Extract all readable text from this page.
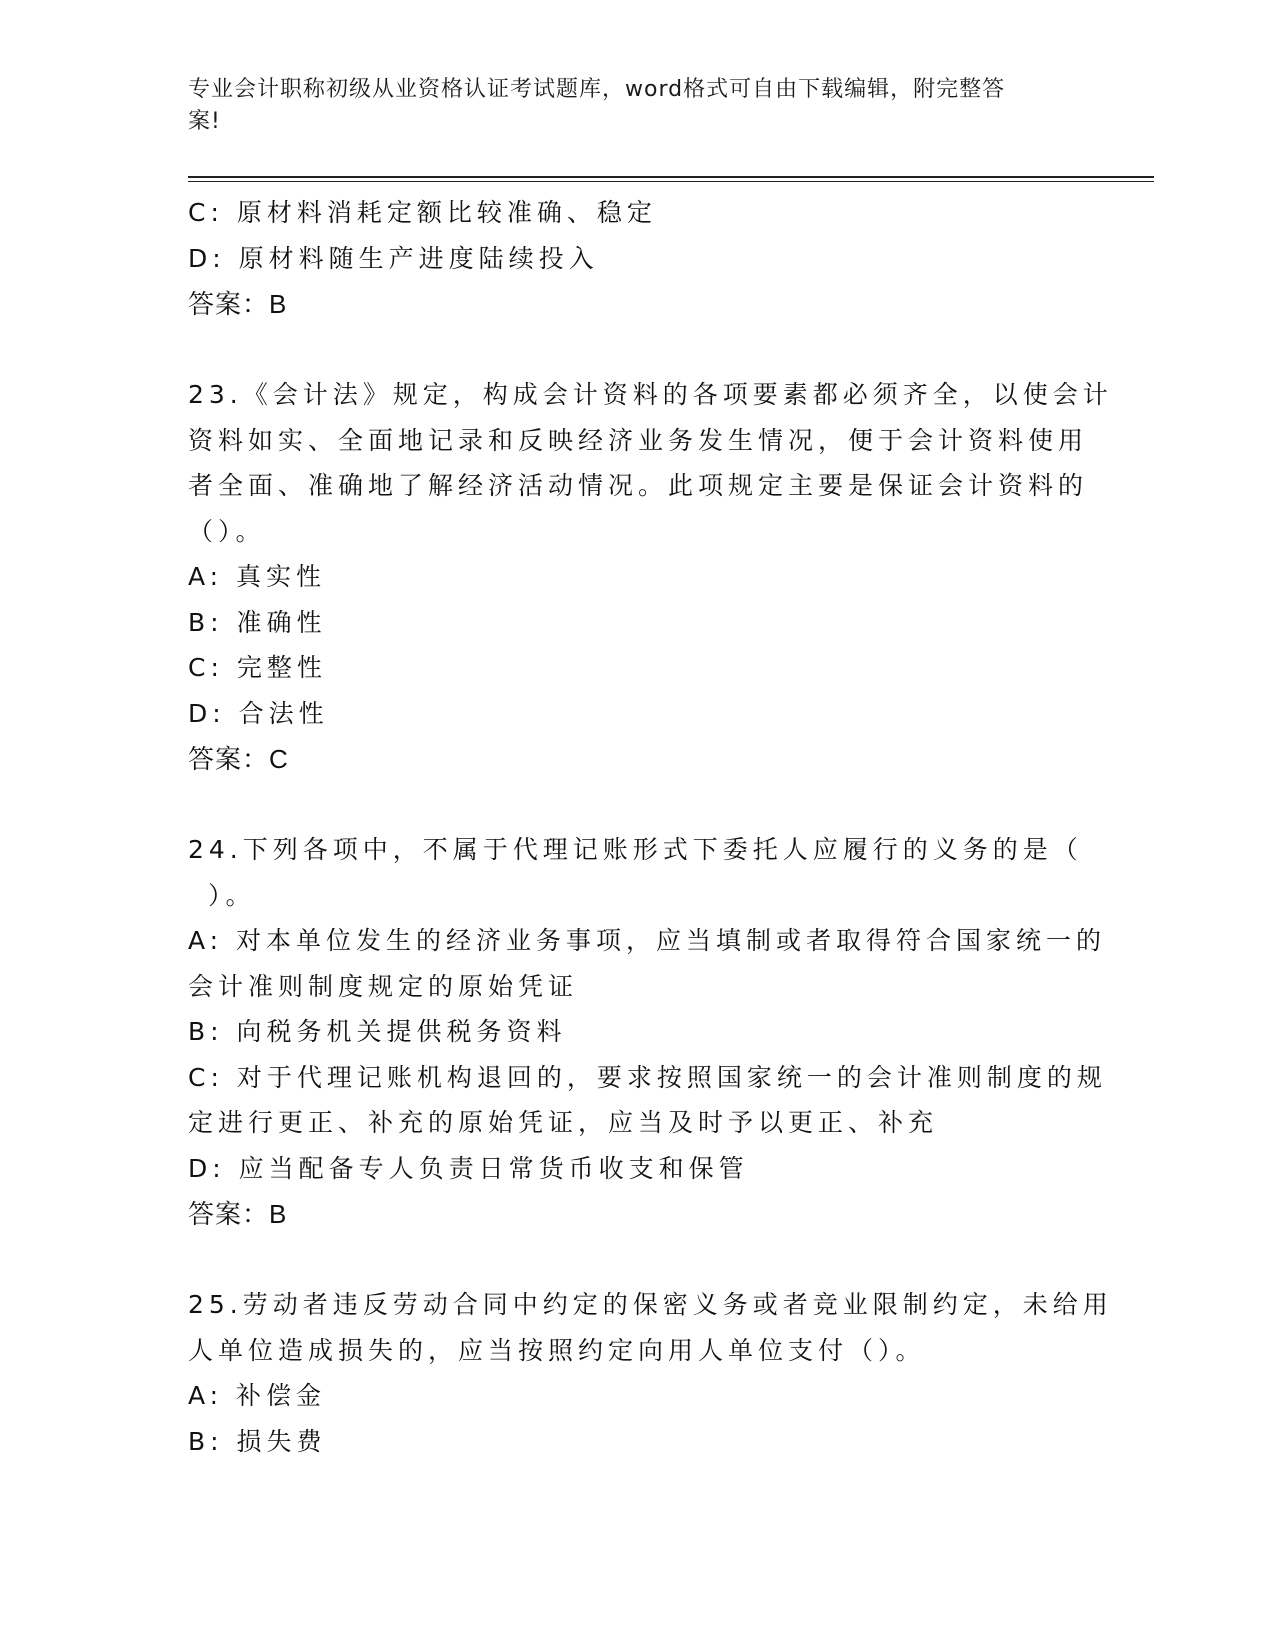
专业会计职称初级从业资格认证考试题库，word格式可自由下载编辑，附完整答
案!
C: 原材料消耗定额比较准确、稳定
D: 原材料随生产进度陆续投入
答案：B
23.《会计法》规定，构成会计资料的各项要素都必须齐全，以使会计
资料如实、全面地记录和反映经济业务发生情况，便于会计资料使用
者全面、准确地了解经济活动情况。此项规定主要是保证会计资料的
（）。
A: 真实性
B: 准确性
C: 完整性
D: 合法性
答案：C
24.下列各项中，不属于代理记账形式下委托人应履行的义务的是（
）。
A: 对本单位发生的经济业务事项，应当填制或者取得符合国家统一的
会计准则制度规定的原始凭证
B: 向税务机关提供税务资料
C: 对于代理记账机构退回的，要求按照国家统一的会计准则制度的规
定进行更正、补充的原始凭证，应当及时予以更正、补充
D: 应当配备专人负责日常货币收支和保管
答案：B
25.劳动者违反劳动合同中约定的保密义务或者竞业限制约定，未给用
人单位造成损失的，应当按照约定向用人单位支付（）。
A: 补偿金
B: 损失费
